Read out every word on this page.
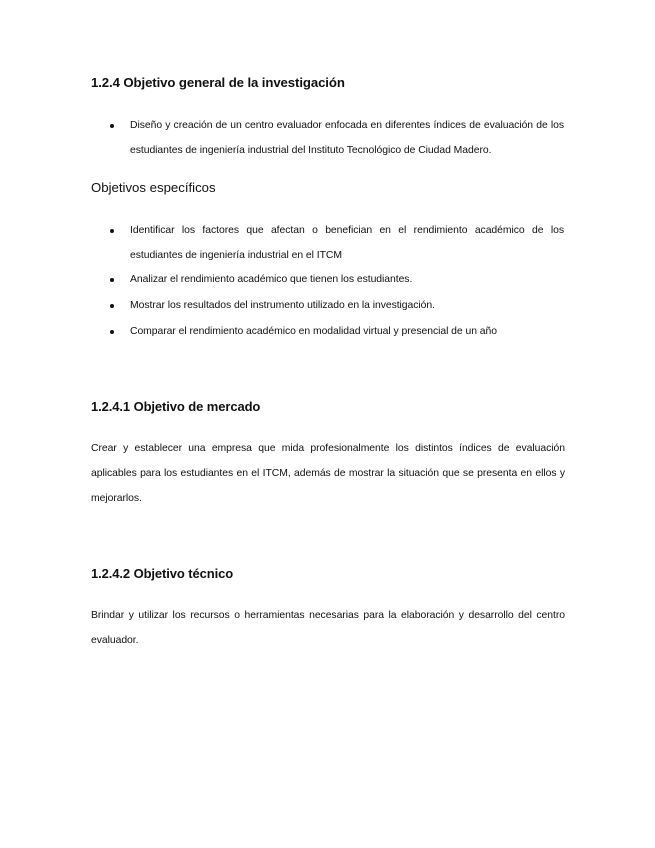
1.2.4 Objetivo general de la investigación
Diseño y creación de un centro evaluador enfocada en diferentes índices de evaluación de los estudiantes de ingeniería industrial del Instituto Tecnológico de Ciudad Madero.
Objetivos específicos
Identificar los factores que afectan o benefician en el rendimiento académico de los estudiantes de ingeniería industrial en el ITCM
Analizar el rendimiento académico que tienen los estudiantes.
Mostrar los resultados del instrumento utilizado en la investigación.
Comparar el rendimiento académico en modalidad virtual y presencial de un año
1.2.4.1 Objetivo de mercado

Crear y establecer una empresa que mida profesionalmente los distintos índices de evaluación aplicables para los estudiantes en el ITCM, además de mostrar la situación que se presenta en ellos y mejorarlos.

1.2.4.2 Objetivo técnico

Brindar y utilizar los recursos o herramientas necesarias para la elaboración y desarrollo del centro evaluador.
